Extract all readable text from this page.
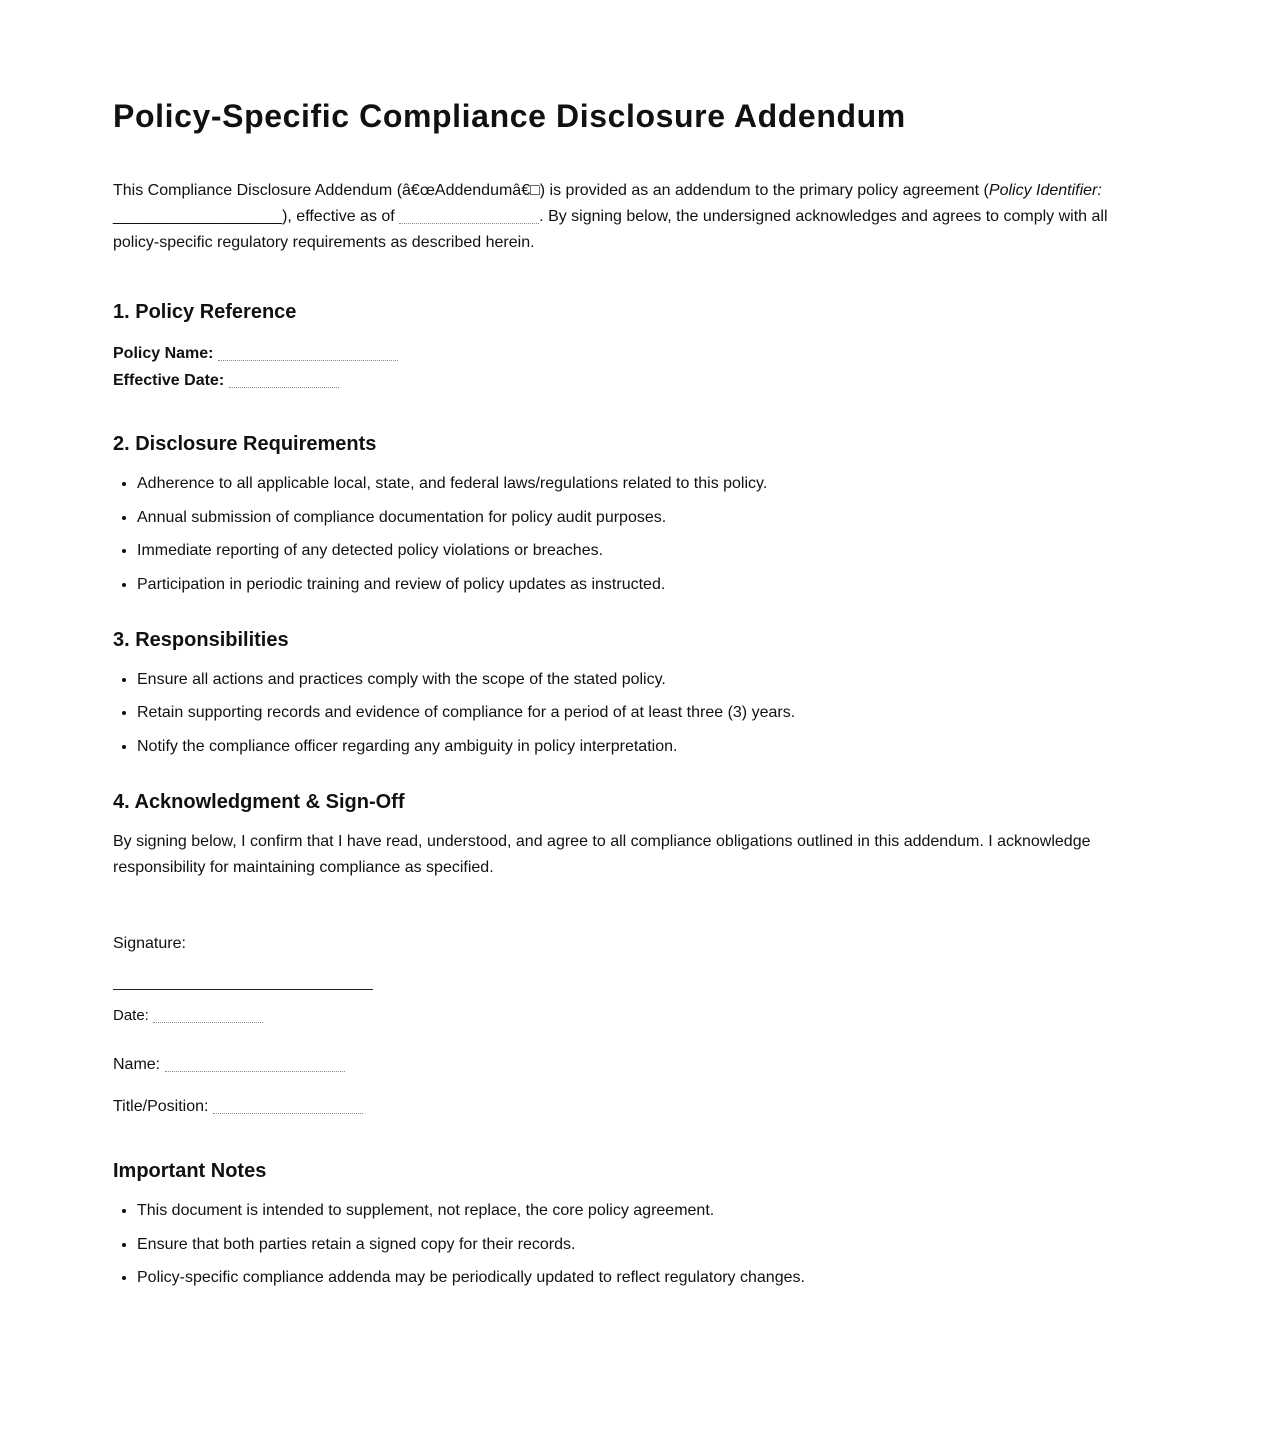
Policy-Specific Compliance Disclosure Addendum

This Compliance Disclosure Addendum (â€œAddendumâ€□) is provided as an addendum to the primary policy agreement (Policy Identifier: ___________________), effective as of	. By signing below, the undersigned acknowledges and agrees to comply with all policy-specific regulatory requirements as described herein.

1. Policy Reference
Policy Name:
Effective Date:
2. Disclosure Requirements
• Adherence to all applicable local, state, and federal laws/regulations related to this policy.
• Annual submission of compliance documentation for policy audit purposes.
• Immediate reporting of any detected policy violations or breaches.
• Participation in periodic training and review of policy updates as instructed.
3. Responsibilities
• Ensure all actions and practices comply with the scope of the stated policy.
• Retain supporting records and evidence of compliance for a period of at least three (3) years.
• Notify the compliance officer regarding any ambiguity in policy interpretation.
4. Acknowledgment & Sign-Off

By signing below, I confirm that I have read, understood, and agree to all compliance obligations outlined in this addendum. I acknowledge responsibility for maintaining compliance as specified.

Signature:
Date:
Name:
Title/Position:
Important Notes
• This document is intended to supplement, not replace, the core policy agreement.
• Ensure that both parties retain a signed copy for their records.
• Policy-specific compliance addenda may be periodically updated to reflect regulatory changes.
